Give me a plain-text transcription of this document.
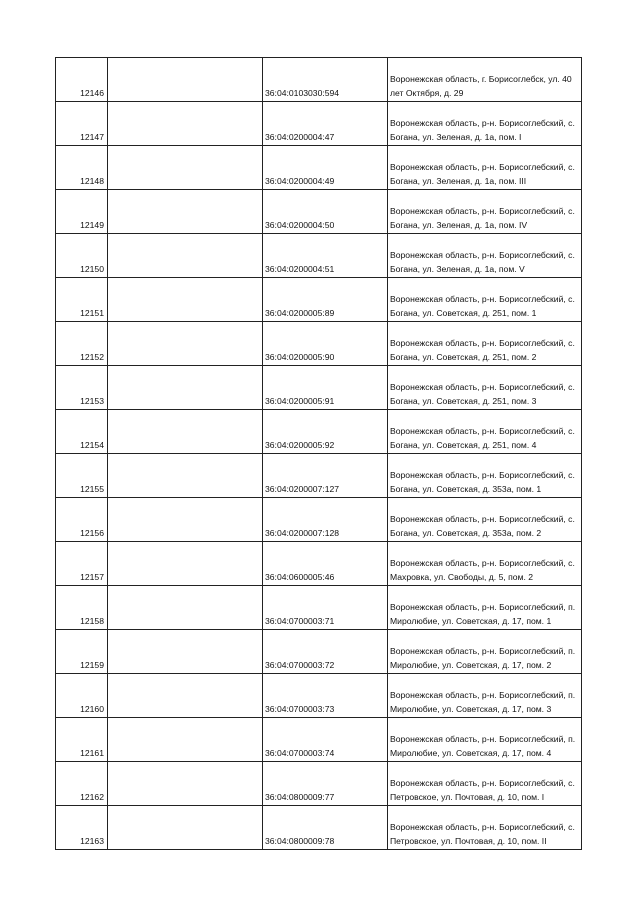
12146		36:04:0103030:594	Воронежская область, г. Борисоглебск, ул. 40 лет Октября, д. 29
12147		36:04:0200004:47	Воронежская область, р-н. Борисоглебский, с. Богана, ул. Зеленая, д. 1а, пом. I
12148		36:04:0200004:49	Воронежская область, р-н. Борисоглебский, с. Богана, ул. Зеленая, д. 1а, пом. III
12149		36:04:0200004:50	Воронежская область, р-н. Борисоглебский, с. Богана, ул. Зеленая, д. 1а, пом. IV
12150		36:04:0200004:51	Воронежская область, р-н. Борисоглебский, с. Богана, ул. Зеленая, д. 1а, пом. V
12151		36:04:0200005:89	Воронежская область, р-н. Борисоглебский, с. Богана, ул. Советская, д. 251, пом. 1
12152		36:04:0200005:90	Воронежская область, р-н. Борисоглебский, с. Богана, ул. Советская, д. 251, пом. 2
12153		36:04:0200005:91	Воронежская область, р-н. Борисоглебский, с. Богана, ул. Советская, д. 251, пом. 3
12154		36:04:0200005:92	Воронежская область, р-н. Борисоглебский, с. Богана, ул. Советская, д. 251, пом. 4
12155		36:04:0200007:127	Воронежская область, р-н. Борисоглебский, с. Богана, ул. Советская, д. 353а, пом. 1
12156		36:04:0200007:128	Воронежская область, р-н. Борисоглебский, с. Богана, ул. Советская, д. 353а, пом. 2
12157		36:04:0600005:46	Воронежская область, р-н. Борисоглебский, с. Махровка, ул. Свободы, д. 5, пом. 2
12158		36:04:0700003:71	Воронежская область, р-н. Борисоглебский, п. Миролюбие, ул. Советская, д. 17, пом. 1
12159		36:04:0700003:72	Воронежская область, р-н. Борисоглебский, п. Миролюбие, ул. Советская, д. 17, пом. 2
12160		36:04:0700003:73	Воронежская область, р-н. Борисоглебский, п. Миролюбие, ул. Советская, д. 17, пом. 3
12161		36:04:0700003:74	Воронежская область, р-н. Борисоглебский, п. Миролюбие, ул. Советская, д. 17, пом. 4
12162		36:04:0800009:77	Воронежская область, р-н. Борисоглебский, с. Петровское, ул. Почтовая, д. 10, пом. I
12163		36:04:0800009:78	Воронежская область, р-н. Борисоглебский, с. Петровское, ул. Почтовая, д. 10, пом. II
